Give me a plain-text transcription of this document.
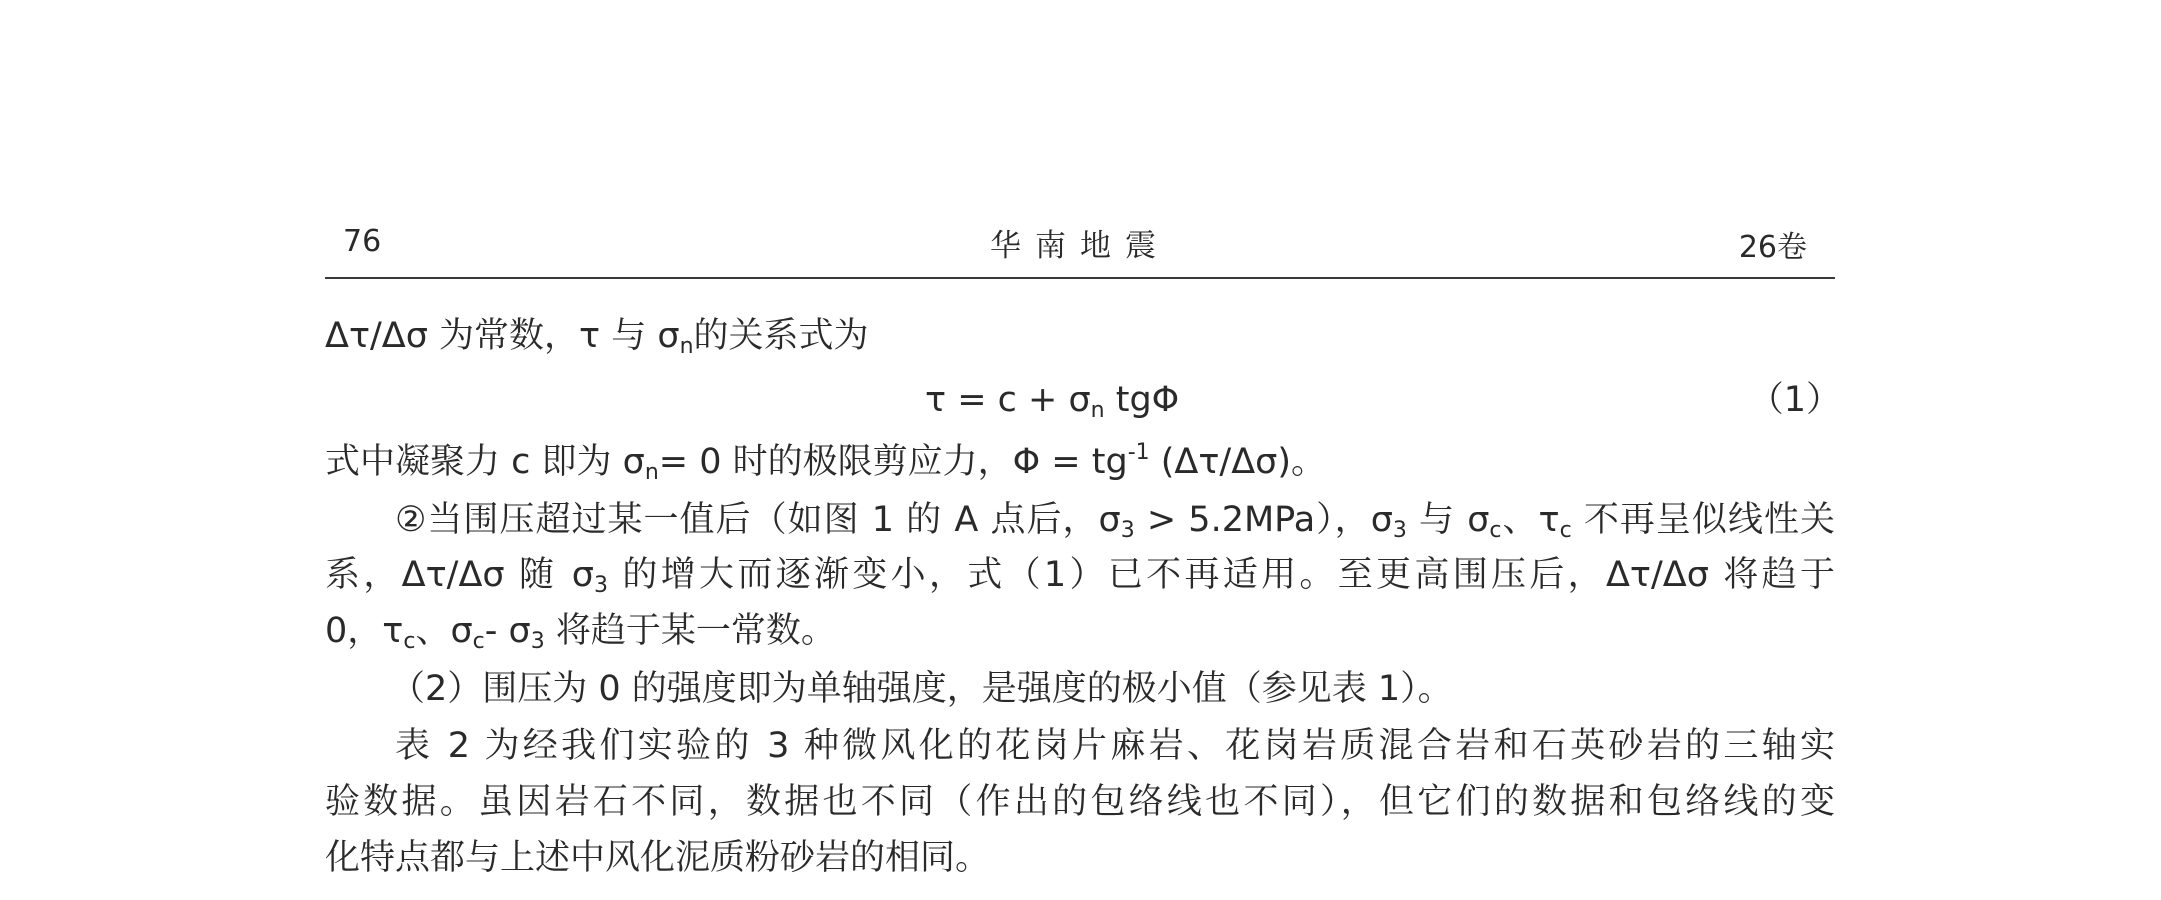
76	华南地震	26卷
Δτ/Δσ 为常数，τ 与 $\sigma_n$的关系式为
$\tau = c + \sigma_n$ tgΦ	（1）
式中凝聚力 c 即为 $\sigma_n= 0$ 时的极限剪应力，$\Phi = tg^{-1}$ (Δτ/Δσ)。
②当围压超过某一值后（如图 1 的 A 点后，$\sigma_3 > 5.2MPa$），$\sigma_3$ 与 $\sigma_c$、$\tau_c$ 不再呈似线性关
系，Δτ/Δσ 随 $\sigma_3$ 的增大而逐渐变小，式（1）已不再适用。至更高围压后，Δτ/Δσ 将趋于
0，$\tau_c$、$\sigma_c-$ $\sigma_3$ 将趋于某一常数。
（2）围压为 0 的强度即为单轴强度，是强度的极小值（参见表 1）。
表 2 为经我们实验的 3 种微风化的花岗片麻岩、花岗岩质混合岩和石英砂岩的三轴实
验数据。虽因岩石不同，数据也不同（作出的包络线也不同），但它们的数据和包络线的变
化特点都与上述中风化泥质粉砂岩的相同。
